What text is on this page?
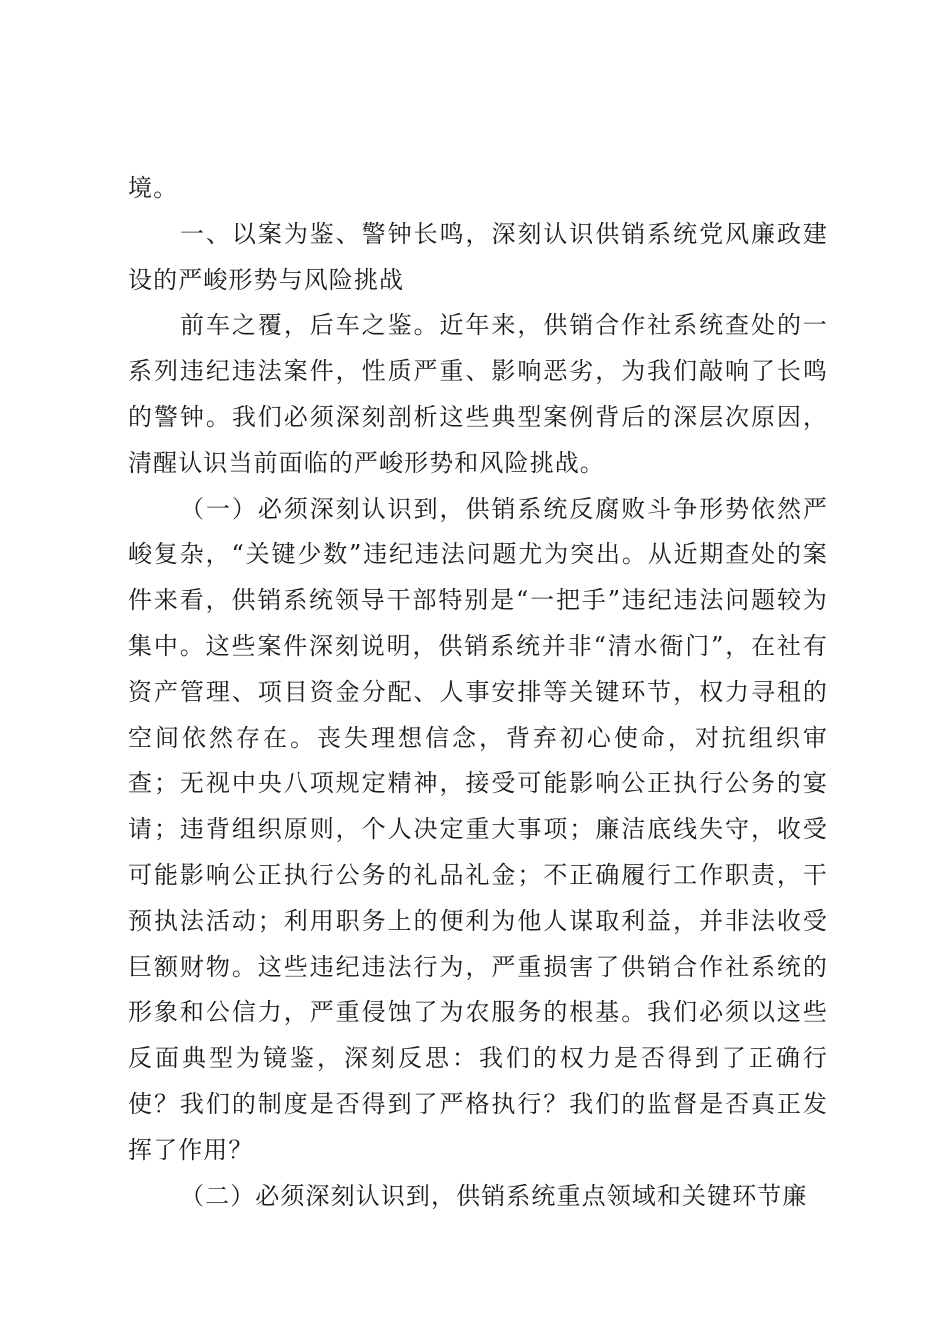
境。

一、以案为鉴、警钟长鸣，深刻认识供销系统党风廉政建设的严峻形势与风险挑战

前车之覆，后车之鉴。近年来，供销合作社系统查处的一系列违纪违法案件，性质严重、影响恶劣，为我们敲响了长鸣的警钟。我们必须深刻剖析这些典型案例背后的深层次原因，清醒认识当前面临的严峻形势和风险挑战。

（一）必须深刻认识到，供销系统反腐败斗争形势依然严峻复杂，“关键少数”违纪违法问题尤为突出。从近期查处的案件来看，供销系统领导干部特别是“一把手”违纪违法问题较为集中。这些案件深刻说明，供销系统并非“清水衙门”，在社有资产管理、项目资金分配、人事安排等关键环节，权力寻租的空间依然存在。丧失理想信念，背弃初心使命，对抗组织审查；无视中央八项规定精神，接受可能影响公正执行公务的宴请；违背组织原则，个人决定重大事项；廉洁底线失守，收受可能影响公正执行公务的礼品礼金；不正确履行工作职责，干预执法活动；利用职务上的便利为他人谋取利益，并非法收受巨额财物。这些违纪违法行为，严重损害了供销合作社系统的形象和公信力，严重侵蚀了为农服务的根基。我们必须以这些反面典型为镜鉴，深刻反思：我们的权力是否得到了正确行使？我们的制度是否得到了严格执行？我们的监督是否真正发挥了作用？

（二）必须深刻认识到，供销系统重点领域和关键环节廉
